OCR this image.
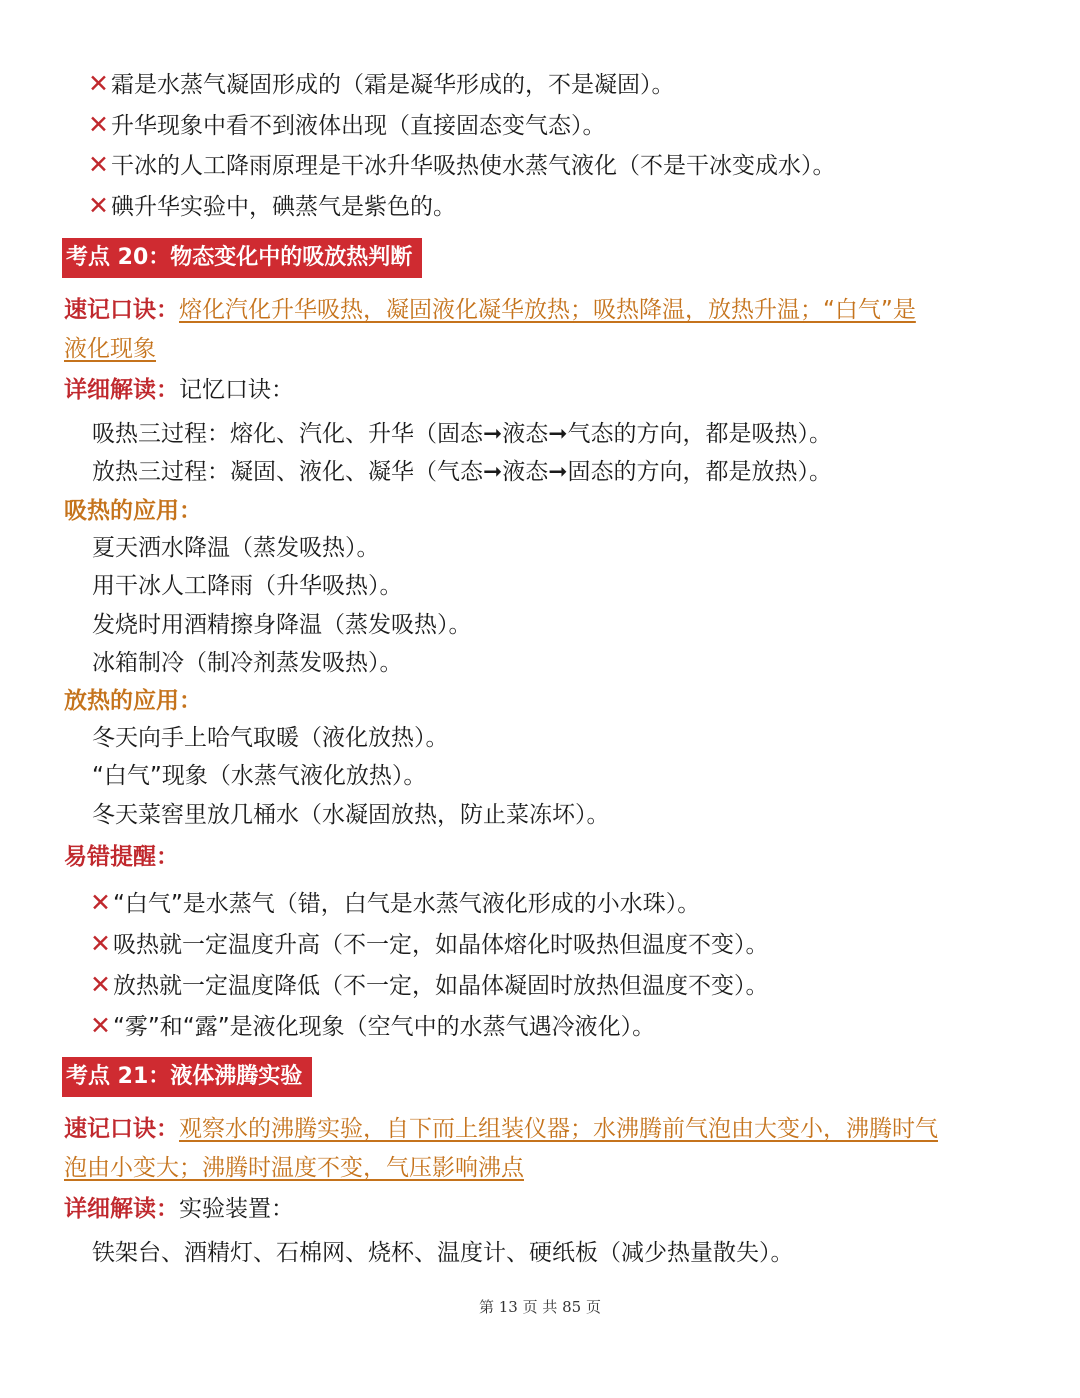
✕霜是水蒸气凝固形成的（霜是凝华形成的，不是凝固）。
✕升华现象中看不到液体出现（直接固态变气态）。
✕干冰的人工降雨原理是干冰升华吸热使水蒸气液化（不是干冰变成水）。
✕碘升华实验中，碘蒸气是紫色的。
考点 20：物态变化中的吸放热判断
速记口诀：熔化汽化升华吸热，凝固液化凝华放热；吸热降温，放热升温；“白气”是
液化现象
详细解读：记忆口诀：
吸热三过程：熔化、汽化、升华（固态➞液态➞气态的方向，都是吸热）。
放热三过程：凝固、液化、凝华（气态➞液态➞固态的方向，都是放热）。
吸热的应用：
夏天洒水降温（蒸发吸热）。
用干冰人工降雨（升华吸热）。
发烧时用酒精擦身降温（蒸发吸热）。
冰箱制冷（制冷剂蒸发吸热）。
放热的应用：
冬天向手上哈气取暖（液化放热）。
“白气”现象（水蒸气液化放热）。
冬天菜窖里放几桶水（水凝固放热，防止菜冻坏）。
易错提醒：
✕“白气”是水蒸气（错，白气是水蒸气液化形成的小水珠）。
✕吸热就一定温度升高（不一定，如晶体熔化时吸热但温度不变）。
✕放热就一定温度降低（不一定，如晶体凝固时放热但温度不变）。
✕“雾”和“露”是液化现象（空气中的水蒸气遇冷液化）。
考点 21：液体沸腾实验
速记口诀：观察水的沸腾实验，自下而上组装仪器；水沸腾前气泡由大变小，沸腾时气
泡由小变大；沸腾时温度不变，气压影响沸点
详细解读：实验装置：
铁架台、酒精灯、石棉网、烧杯、温度计、硬纸板（减少热量散失）。
第 13 页 共 85 页
